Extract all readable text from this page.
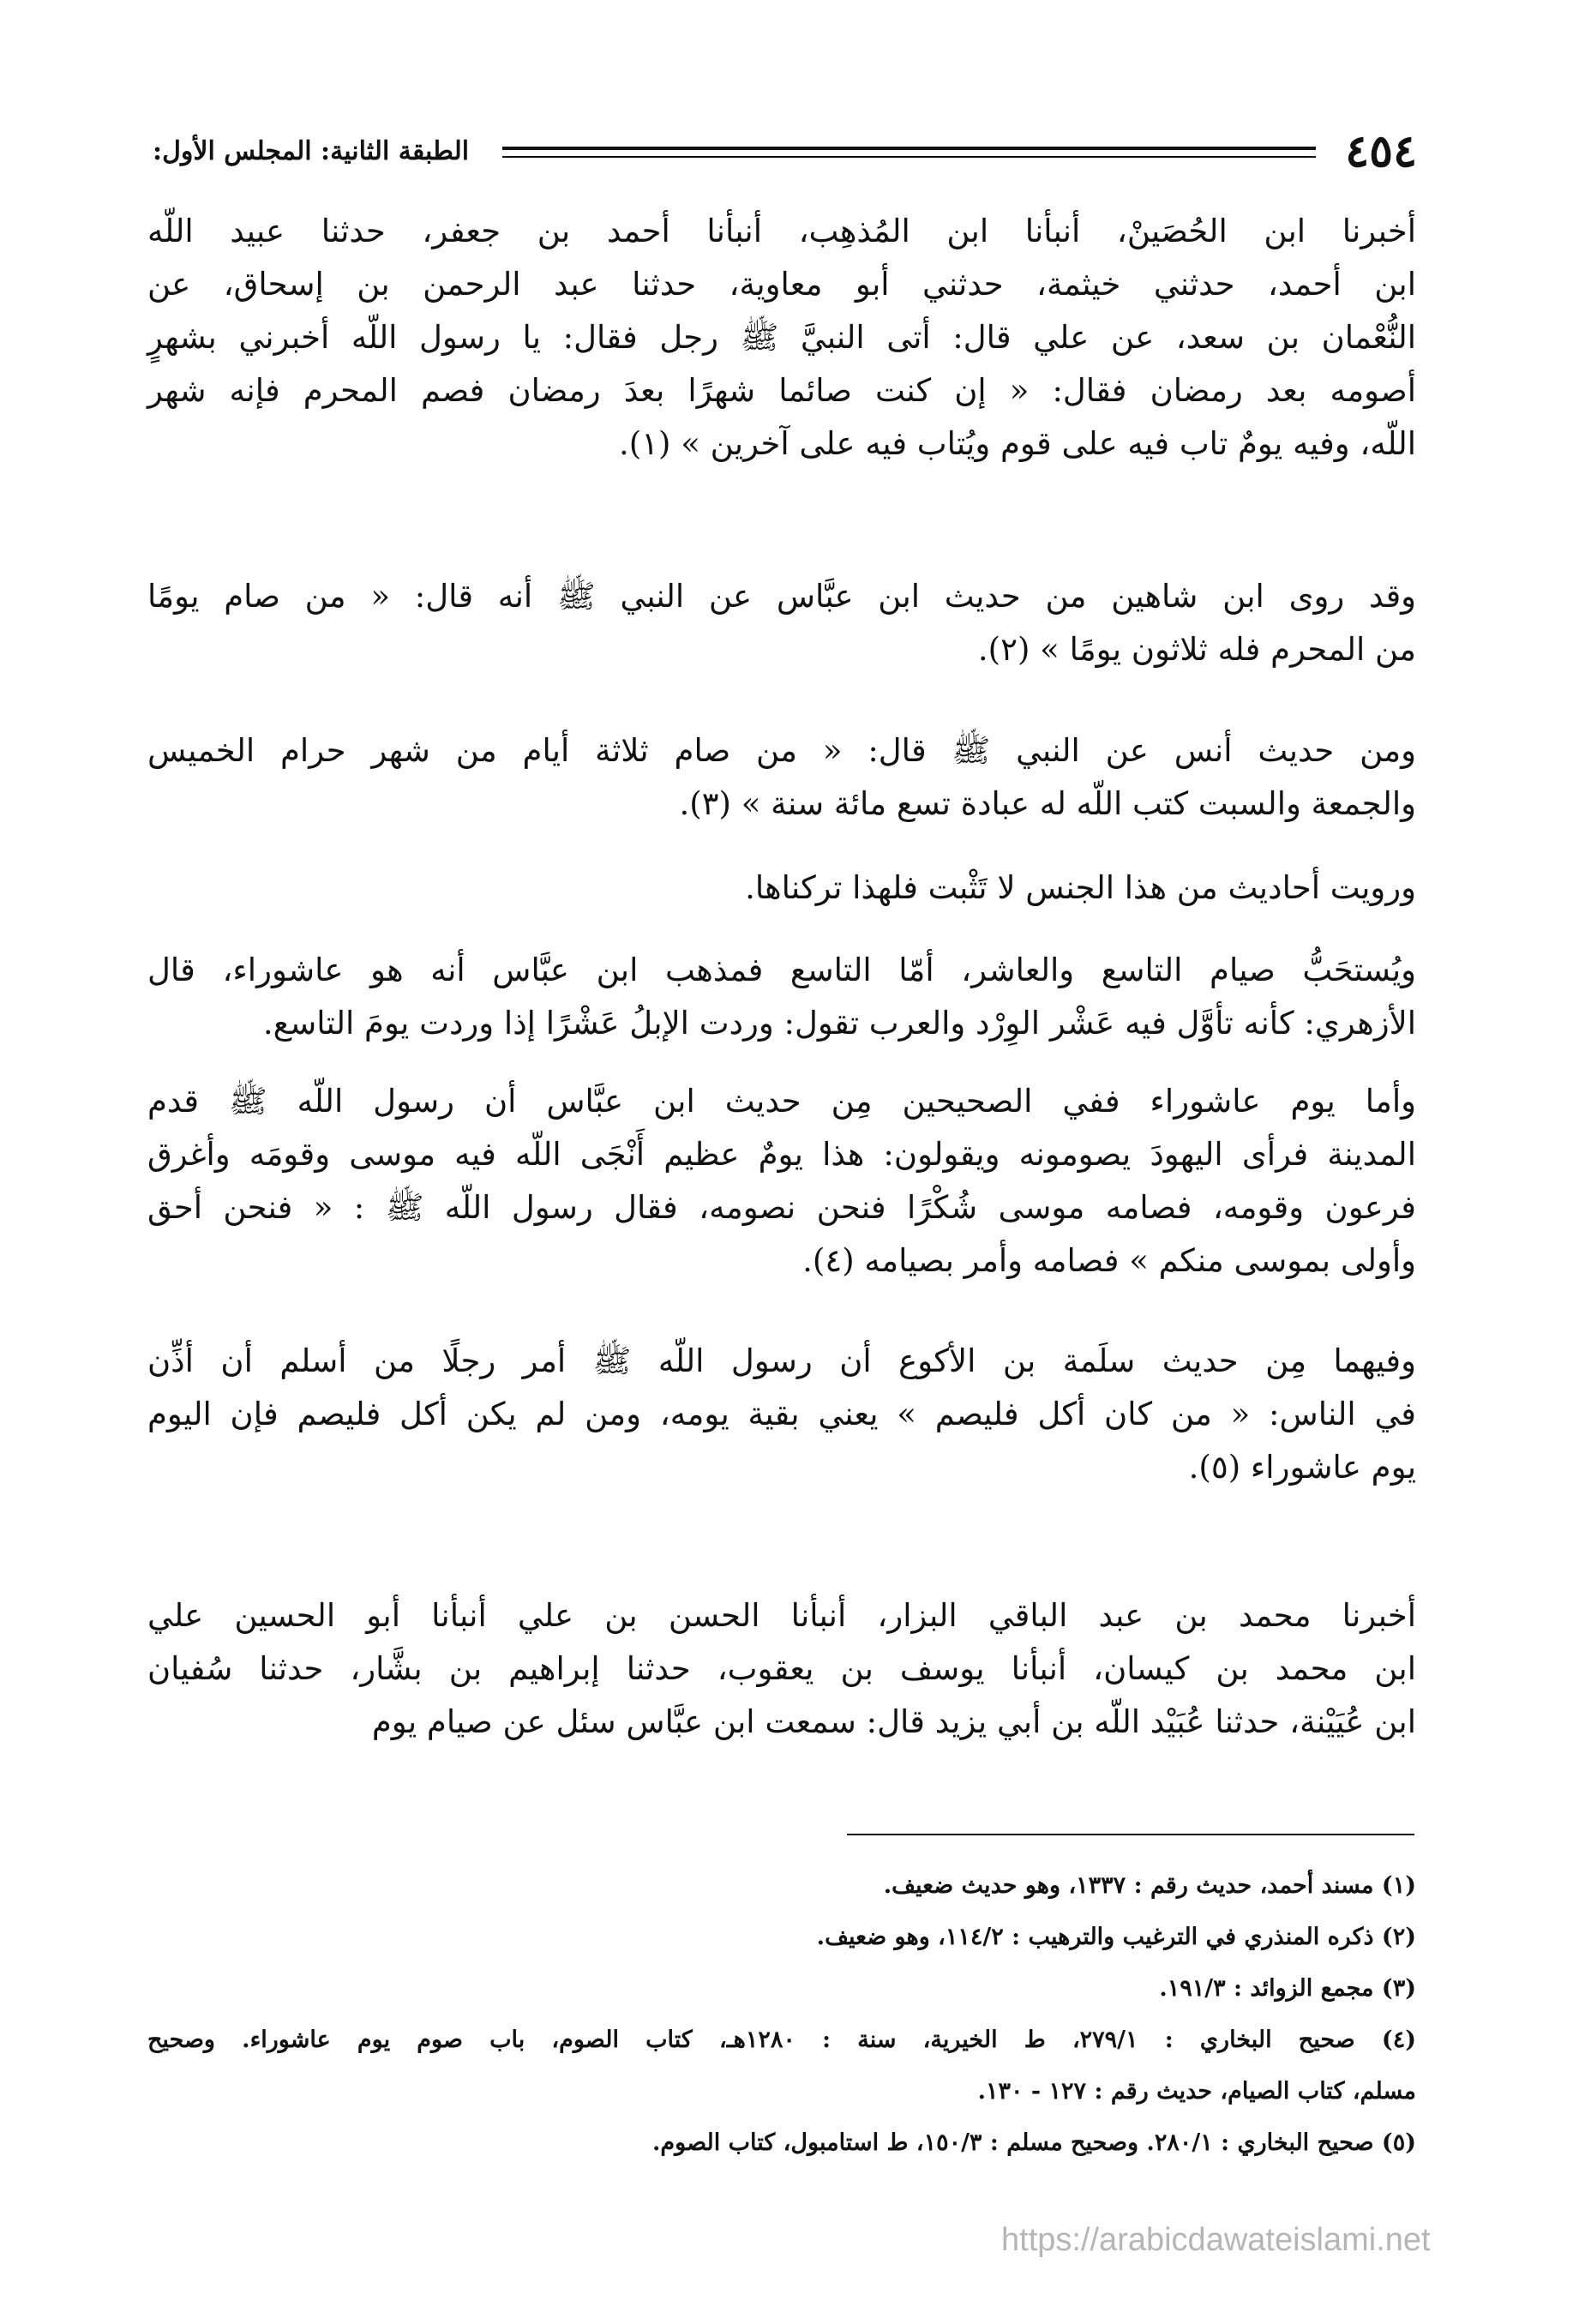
٤٥٤
الطبقة الثانية: المجلس الأول:
أخبرنا ابن الحُصَينْ، أنبأنا ابن المُذهِب، أنبأنا أحمد بن جعفر، حدثنا عبيد اللّه
ابن أحمد، حدثني خيثمة، حدثني أبو معاوية، حدثنا عبد الرحمن بن إسحاق، عن
النُّعْمان بن سعد، عن علي قال: أتى النبيَّ ﷺ رجل فقال: يا رسول اللّه أخبرني بشهرٍ
أصومه بعد رمضان فقال: « إن كنت صائما شهرًا بعدَ رمضان فصم المحرم فإنه شهر
اللّه، وفيه يومٌ تاب فيه على قوم ويُتاب فيه على آخرين » (١).
وقد روى ابن شاهين من حديث ابن عبَّاس عن النبي ﷺ أنه قال: « من صام يومًا
من المحرم فله ثلاثون يومًا » (٢).
ومن حديث أنس عن النبي ﷺ قال: « من صام ثلاثة أيام من شهر حرام الخميس
والجمعة والسبت كتب اللّه له عبادة تسع مائة سنة » (٣).
ورويت أحاديث من هذا الجنس لا تَثْبت فلهذا تركناها.
ويُستحَبُّ صيام التاسع والعاشر، أمّا التاسع فمذهب ابن عبَّاس أنه هو عاشوراء، قال
الأزهري: كأنه تأوَّل فيه عَشْر الوِرْد والعرب تقول: وردت الإبلُ عَشْرًا إذا وردت يومَ التاسع.
وأما يوم عاشوراء ففي الصحيحين مِن حديث ابن عبَّاس أن رسول اللّه ﷺ قدم
المدينة فرأى اليهودَ يصومونه ويقولون: هذا يومٌ عظيم أَنْجَى اللّه فيه موسى وقومَه وأغرق
فرعون وقومه، فصامه موسى شُكْرًا فنحن نصومه، فقال رسول اللّه ﷺ : « فنحن أحق
وأولى بموسى منكم » فصامه وأمر بصيامه (٤).
وفيهما مِن حديث سلَمة بن الأكوع أن رسول اللّه ﷺ أمر رجلًا من أسلم أن أذِّن
في الناس: « من كان أكل فليصم » يعني بقية يومه، ومن لم يكن أكل فليصم فإن اليوم
يوم عاشوراء (٥).
أخبرنا محمد بن عبد الباقي البزار، أنبأنا الحسن بن علي أنبأنا أبو الحسين علي
ابن محمد بن كيسان، أنبأنا يوسف بن يعقوب، حدثنا إبراهيم بن بشَّار، حدثنا سُفيان
ابن عُيَيْنة، حدثنا عُبَيْد اللّه بن أبي يزيد قال: سمعت ابن عبَّاس سئل عن صيام يوم
(١) مسند أحمد، حديث رقم : ١٣٣٧، وهو حديث ضعيف.
(٢) ذكره المنذري في الترغيب والترهيب : ١١٤/٢، وهو ضعيف.
(٣) مجمع الزوائد : ١٩١/٣.
(٤) صحيح البخاري : ٢٧٩/١، ط الخيرية، سنة : ١٢٨٠هـ، كتاب الصوم، باب صوم يوم عاشوراء. وصحيح
مسلم، كتاب الصيام، حديث رقم : ١٢٧ - ١٣٠.
(٥) صحيح البخاري : ٢٨٠/١. وصحيح مسلم : ١٥٠/٣، ط استامبول، كتاب الصوم.
https://arabicdawateislami.net
